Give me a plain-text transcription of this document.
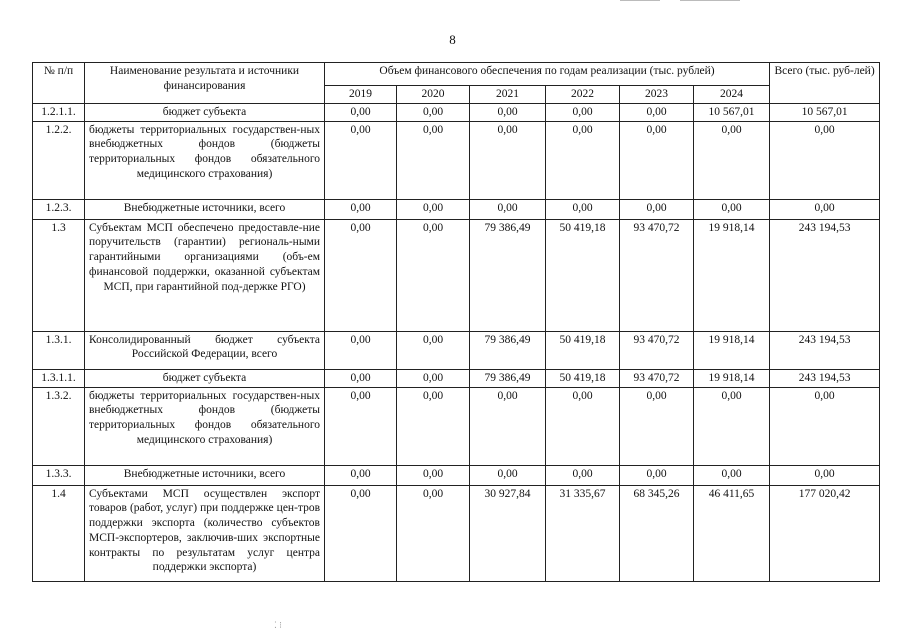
8
№ п/п	Наименование результата и источники финансирования	Объем финансового обеспечения по годам реализации (тыс. рублей)						Всего (тыс. руб-лей)
		2019	2020	2021	2022	2023	2024	
1.2.1.1.	бюджет субъекта	0,00	0,00	0,00	0,00	0,00	10 567,01	10 567,01
1.2.2.	бюджеты территориальных государствен-ных внебюджетных фондов (бюджеты территориальных фондов обязательного медицинского страхования)	0,00	0,00	0,00	0,00	0,00	0,00	0,00
1.2.3.	Внебюджетные источники, всего	0,00	0,00	0,00	0,00	0,00	0,00	0,00
1.3	Субъектам МСП обеспечено предоставле-ние поручительств (гарантии) региональ-ными гарантийными организациями (объ-ем финансовой поддержки, оказанной субъектам МСП, при гарантийной под-держке РГО)	0,00	0,00	79 386,49	50 419,18	93 470,72	19 918,14	243 194,53
1.3.1.	Консолидированный бюджет субъекта Российской Федерации, всего	0,00	0,00	79 386,49	50 419,18	93 470,72	19 918,14	243 194,53
1.3.1.1.	бюджет субъекта	0,00	0,00	79 386,49	50 419,18	93 470,72	19 918,14	243 194,53
1.3.2.	бюджеты территориальных государствен-ных внебюджетных фондов (бюджеты территориальных фондов обязательного медицинского страхования)	0,00	0,00	0,00	0,00	0,00	0,00	0,00
1.3.3.	Внебюджетные источники, всего	0,00	0,00	0,00	0,00	0,00	0,00	0,00
1.4	Субъектами МСП осуществлен экспорт товаров (работ, услуг) при поддержке цен-тров поддержки экспорта (количество субъектов МСП-экспортеров, заключив-ших экспортные контракты по результатам услуг центра поддержки экспорта)	0,00	0,00	30 927,84	31 335,67	68 345,26	46 411,65	177 020,42
⁚ ⁝
